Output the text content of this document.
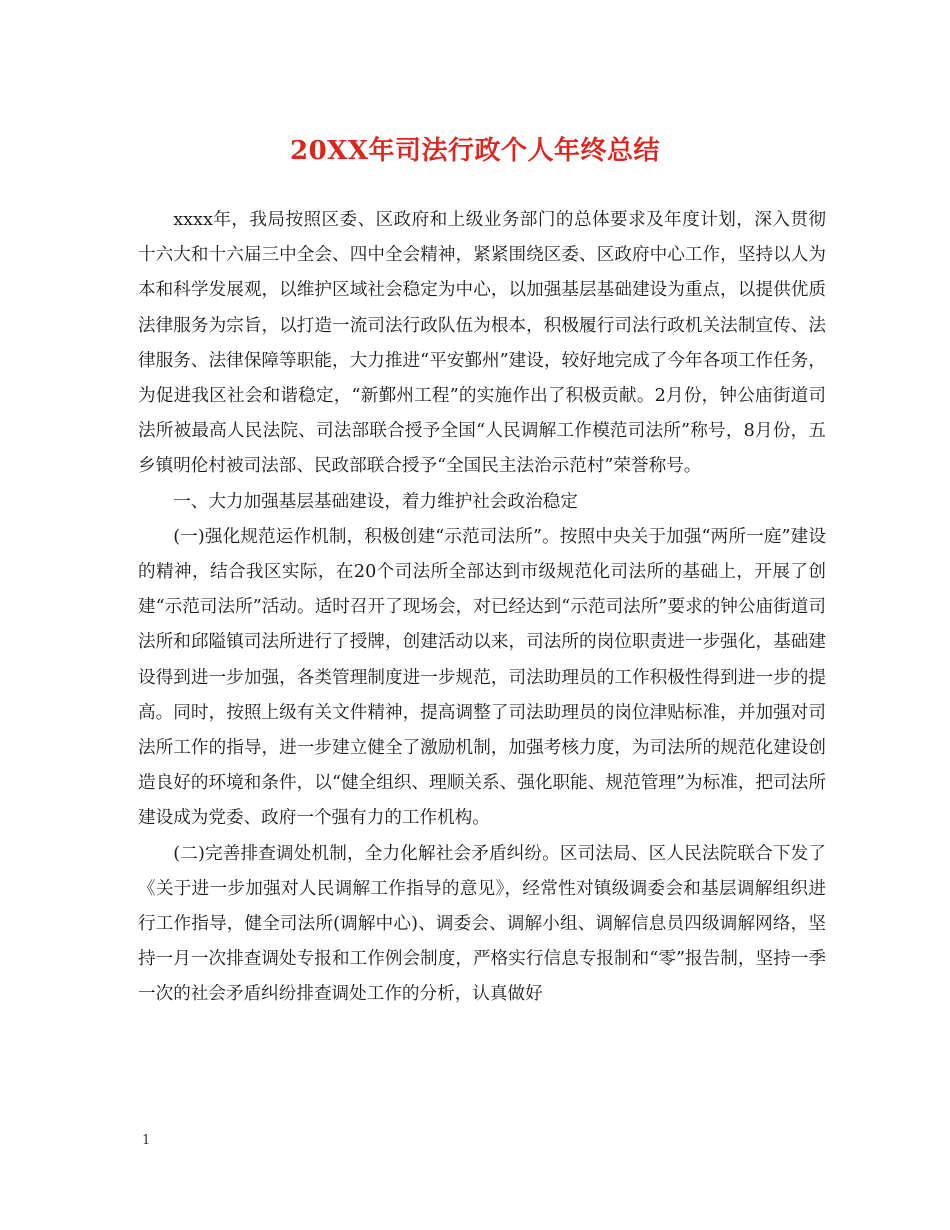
20XX年司法行政个人年终总结

xxxx年，我局按照区委、区政府和上级业务部门的总体要求及年度计划，深入贯彻十六大和十六届三中全会、四中全会精神，紧紧围绕区委、区政府中心工作，坚持以人为本和科学发展观，以维护区域社会稳定为中心，以加强基层基础建设为重点，以提供优质法律服务为宗旨，以打造一流司法行政队伍为根本，积极履行司法行政机关法制宣传、法律服务、法律保障等职能，大力推进“平安鄞州”建设，较好地完成了今年各项工作任务，为促进我区社会和谐稳定，“新鄞州工程”的实施作出了积极贡献。2月份，钟公庙街道司法所被最高人民法院、司法部联合授予全国“人民调解工作模范司法所”称号，8月份，五乡镇明伦村被司法部、民政部联合授予“全国民主法治示范村”荣誉称号。

一、大力加强基层基础建设，着力维护社会政治稳定

(一)强化规范运作机制，积极创建“示范司法所”。按照中央关于加强“两所一庭”建设的精神，结合我区实际，在20个司法所全部达到市级规范化司法所的基础上，开展了创建“示范司法所”活动。适时召开了现场会，对已经达到“示范司法所”要求的钟公庙街道司法所和邱隘镇司法所进行了授牌，创建活动以来，司法所的岗位职责进一步强化，基础建设得到进一步加强，各类管理制度进一步规范，司法助理员的工作积极性得到进一步的提高。同时，按照上级有关文件精神，提高调整了司法助理员的岗位津贴标准，并加强对司法所工作的指导，进一步建立健全了激励机制，加强考核力度，为司法所的规范化建设创造良好的环境和条件，以“健全组织、理顺关系、强化职能、规范管理”为标准，把司法所建设成为党委、政府一个强有力的工作机构。

(二)完善排查调处机制，全力化解社会矛盾纠纷。区司法局、区人民法院联合下发了《关于进一步加强对人民调解工作指导的意见》，经常性对镇级调委会和基层调解组织进行工作指导，健全司法所(调解中心)、调委会、调解小组、调解信息员四级调解网络，坚持一月一次排查调处专报和工作例会制度，严格实行信息专报制和“零”报告制，坚持一季一次的社会矛盾纠纷排查调处工作的分析，认真做好

1
